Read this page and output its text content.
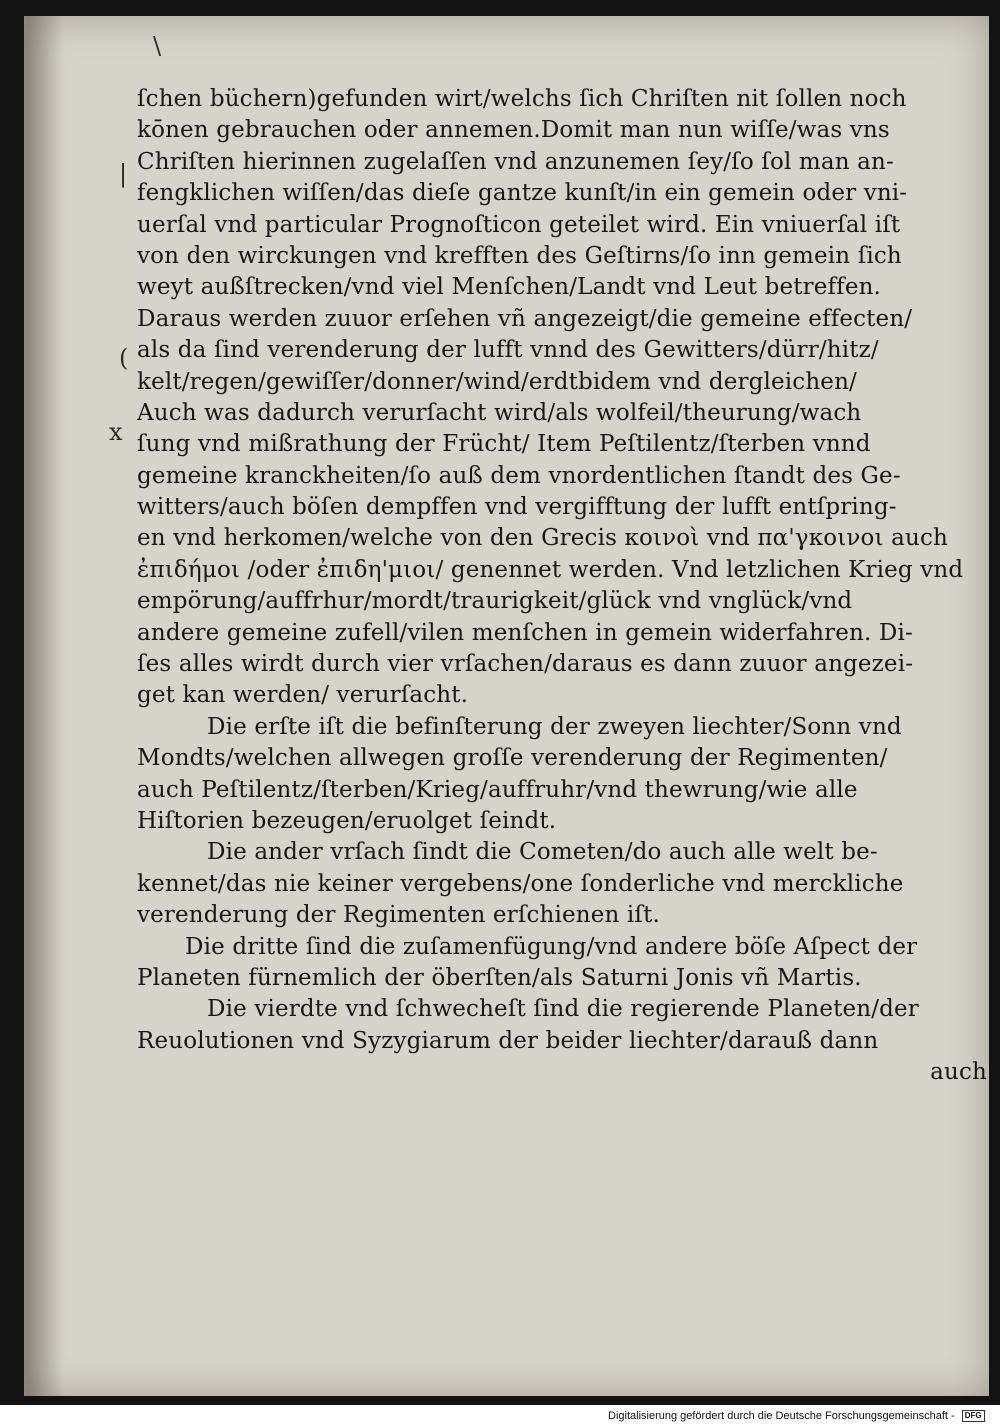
\
|
(
x
ſchen büchern)gefunden wirt/welchs ſich Chriſten nit ſollen noch
kōnen gebrauchen oder annemen.Domit man nun wiſſe/was vns
Chriſten hierinnen zugelaſſen vnd anzunemen ſey/ſo ſol man an-
fengklichen wiſſen/das dieſe gantze kunſt/in ein gemein oder vni-
uerſal vnd particular Prognoſticon geteilet wird. Ein vniuerſal iſt
von den wirckungen vnd krefften des Geſtirns/ſo inn gemein ſich
weyt außſtrecken/vnd viel Menſchen/Landt vnd Leut betreffen.
Daraus werden zuuor erſehen vñ angezeigt/die gemeine effecten/
als da ſind verenderung der lufft vnnd des Gewitters/dürr/hitz/
kelt/regen/gewiſſer/donner/wind/erdtbidem vnd dergleichen/
Auch was dadurch verurſacht wird/als wolfeil/theurung/wach
ſung vnd mißrathung der Frücht/ Item Peſtilentz/ſterben vnnd
gemeine kranckheiten/ſo auß dem vnordentlichen ſtandt des Ge-
witters/auch böſen dempffen vnd vergifftung der lufft entſpring-
en vnd herkomen/welche von den Grecis κοινοὶ vnd πα'γκοινοι auch
ἐπιδήμοι /oder ἐπιδη'μιοι/ genennet werden. Vnd letzlichen Krieg vnd
empörung/auffrhur/mordt/traurigkeit/glück vnd vnglück/vnd
andere gemeine zufell/vilen menſchen in gemein widerfahren. Di-
ſes alles wirdt durch vier vrſachen/daraus es dann zuuor angezei-
get kan werden/ verurſacht.
Die erſte iſt die befinſterung der zweyen liechter/Sonn vnd
Mondts/welchen allwegen groſſe verenderung der Regimenten/
auch Peſtilentz/ſterben/Krieg/auffruhr/vnd thewrung/wie alle
Hiſtorien bezeugen/eruolget ſeindt.
Die ander vrſach ſindt die Cometen/do auch alle welt be-
kennet/das nie keiner vergebens/one ſonderliche vnd merckliche
verenderung der Regimenten erſchienen iſt.
Die dritte ſind die zuſamenfügung/vnd andere böſe Aſpect der
Planeten fürnemlich der öberſten/als Saturni Jonis vñ Martis.
Die vierdte vnd ſchwecheſt ſind die regierende Planeten/der
Reuolutionen vnd Syzygiarum der beider liechter/darauß dann
auch
Digitalisierung gefördert durch die Deutsche Forschungsgemeinschaft - DFG
